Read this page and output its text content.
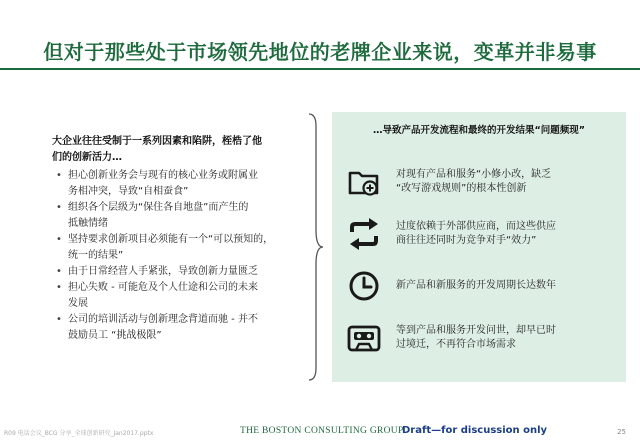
但对于那些处于市场领先地位的老牌企业来说，变革并非易事
大企业往往受制于一系列因素和陷阱，桎梏了他
们的创新活力…
• 担心创新业务会与现有的核心业务或附属业
务相冲突，导致“自相蚕食”
• 组织各个层级为“保住各自地盘”而产生的
抵触情绪
• 坚持要求创新项目必须能有一个“可以预知的，
统一的结果”
• 由于日常经营人手紧张，导致创新力量匮乏
• 担心失败 - 可能危及个人仕途和公司的未来
发展
• 公司的培训活动与创新理念背道而驰 - 并不
鼓励员工 “挑战极限”
…导致产品开发流程和最终的开发结果“问题频现”
对现有产品和服务“小修小改，缺乏
“改写游戏规则”的根本性创新
过度依赖于外部供应商，而这些供应
商往往还同时为竞争对手“效力”
新产品和新服务的开发周期长达数年
等到产品和服务开发问世，却早已时
过境迁，不再符合市场需求
R09 电话会议_BCG 分享_全球创新研究_Jan2017.pptx	THE BOSTON CONSULTING GROUP
Draft—for discussion only	25
